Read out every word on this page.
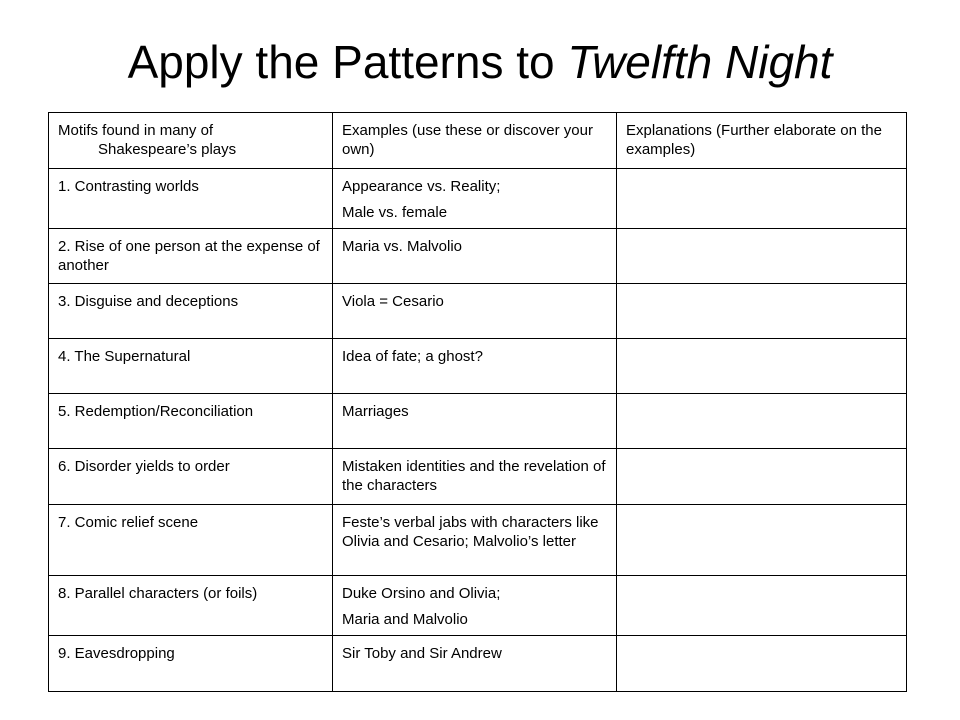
Apply the Patterns to Twelfth Night
Motifs found in many of
Shakespeare’s plays	Examples (use these or discover your own)	Explanations (Further elaborate on the examples)
1. Contrasting worlds	Appearance vs. Reality;
Male vs. female	

2. Rise of one person at the expense of another	Maria vs. Malvolio	

3. Disguise and deceptions	Viola = Cesario	

4. The Supernatural	Idea of fate; a ghost?	

5. Redemption/Reconciliation	Marriages	

6. Disorder yields to order	Mistaken identities and the revelation of the characters	

7. Comic relief scene	Feste’s verbal jabs with characters like Olivia and Cesario; Malvolio’s letter	

8. Parallel characters (or foils)	Duke Orsino and Olivia;
Maria and Malvolio	

9. Eavesdropping	Sir Toby and Sir Andrew	
